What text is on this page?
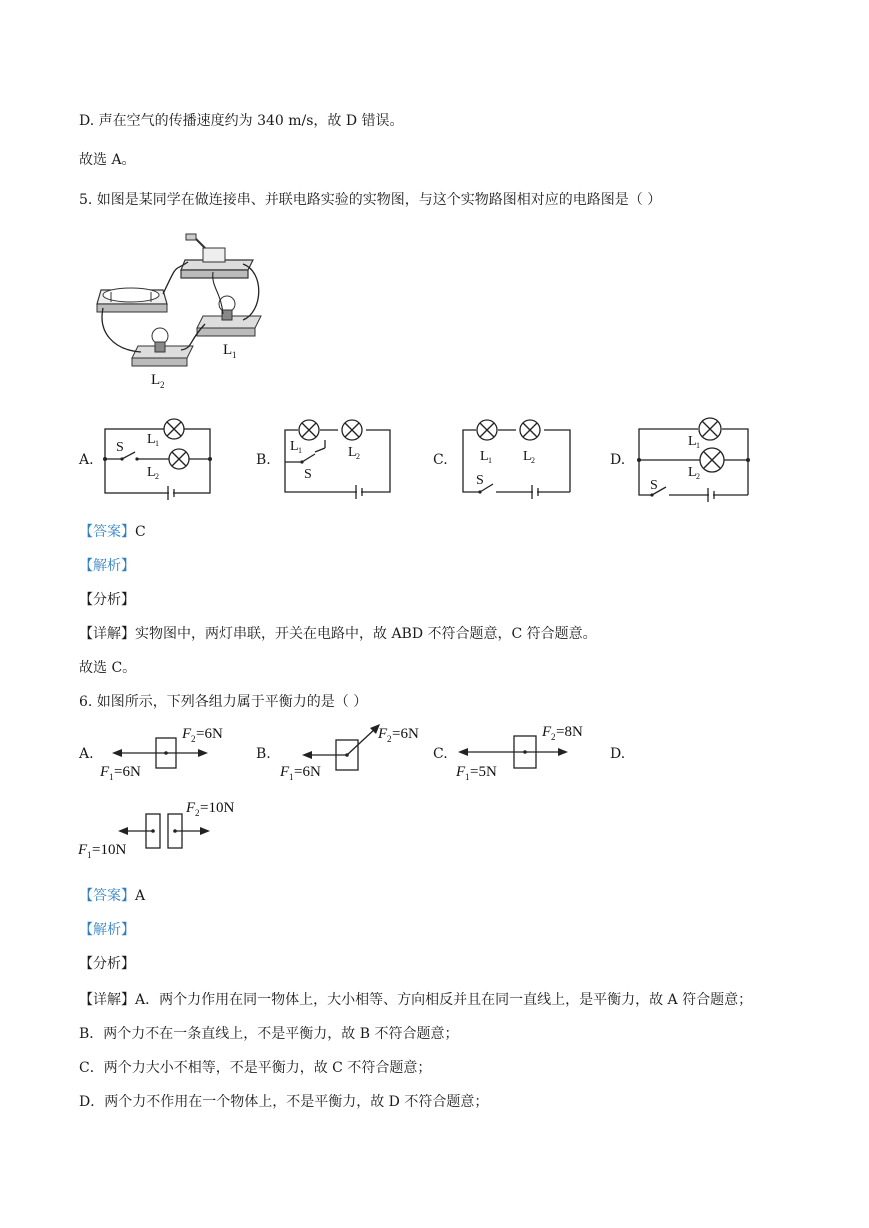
D. 声在空气的传播速度约为 340 m/s，故 D 错误。
故选 A。
5. 如图是某同学在做连接串、并联电路实验的实物图，与这个实物路图相对应的电路图是（ ）
L 1
L 2
A.
S
L 1
L 2
B.
L 1
S
L 2	C.
S
L 1 L 2	D.
S
L 1
L 2
【答案】C
【解析】
【分析】
【详解】实物图中，两灯串联，开关在电路中，故 ABD 不符合题意，C 符合题意。
故选 C。
6. 如图所示，下列各组力属于平衡力的是（ ）
A.
F 2 =6N
F 1 =6N
B.
F 2 =6N
F 1 =6N
C.
F 2 =8N
F 1 =5N
D.
F 2 =10N
F 1 =10N
【答案】A
【解析】
【分析】
【详解】A．两个力作用在同一物体上，大小相等、方向相反并且在同一直线上，是平衡力，故 A 符合题意；
B．两个力不在一条直线上，不是平衡力，故 B 不符合题意；
C．两个力大小不相等，不是平衡力，故 C 不符合题意；
D．两个力不作用在一个物体上，不是平衡力，故 D 不符合题意；
